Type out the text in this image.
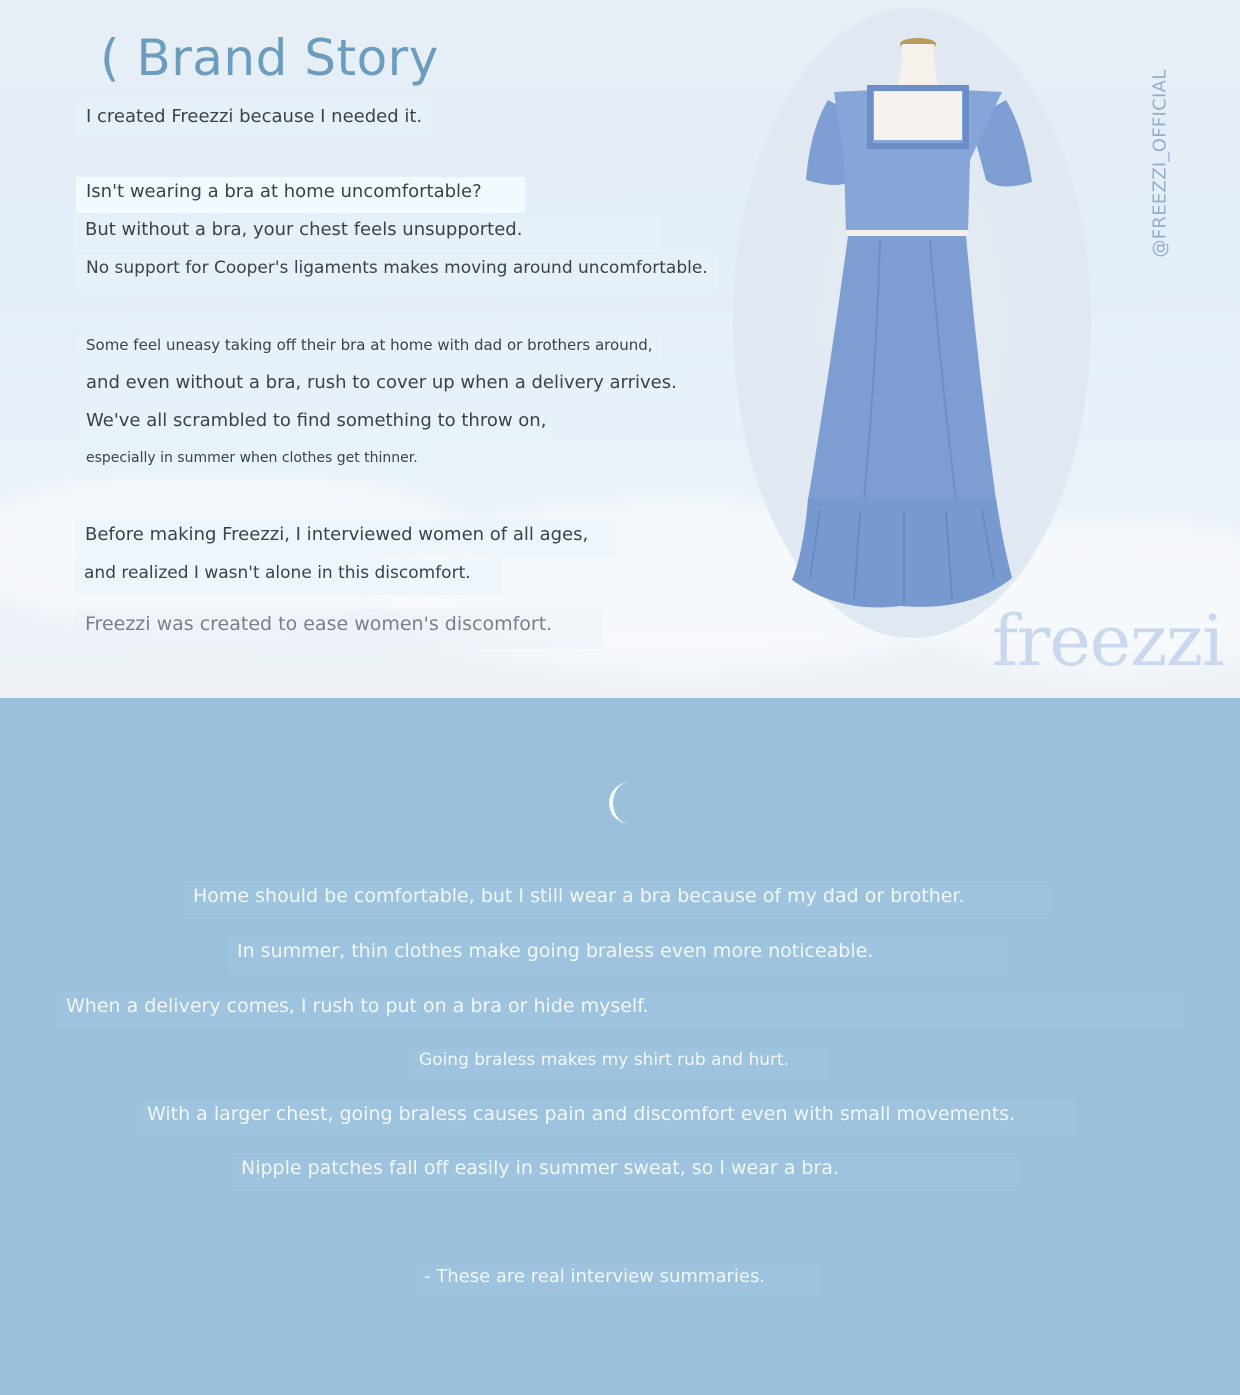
( Brand Story

I created Freezzi because I needed it.

Isn't wearing a bra at home uncomfortable?

But without a bra, your chest feels unsupported.

No support for Cooper's ligaments makes moving around uncomfortable.

Some feel uneasy taking off their bra at home with dad or brothers around,

and even without a bra, rush to cover up when a delivery arrives.

We've all scrambled to find something to throw on,

especially in summer when clothes get thinner.

Before making Freezzi, I interviewed women of all ages,

and realized I wasn't alone in this discomfort.

Freezzi was created to ease women's discomfort.

@FREEZZI_OFFICIAL
freezzi

Home should be comfortable, but I still wear a bra because of my dad or brother.

In summer, thin clothes make going braless even more noticeable.

When a delivery comes, I rush to put on a bra or hide myself.

Going braless makes my shirt rub and hurt.

With a larger chest, going braless causes pain and discomfort even with small movements.

Nipple patches fall off easily in summer sweat, so I wear a bra.

- These are real interview summaries.
